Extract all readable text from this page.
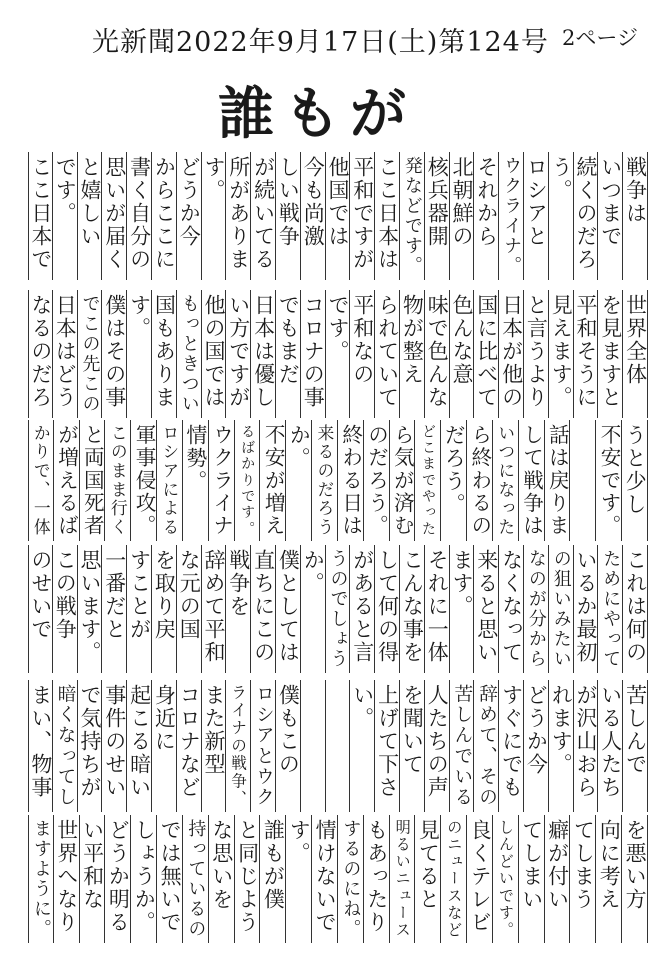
光新聞2022年9月17日(土)第124号 2ページ
誰もが
戦争は
いつまで
続くのだろ
う。
ロシアと
ウクライナ。
それから
北朝鮮の
核兵器開
発などです。
ここ日本は
平和ですが
他国では
今も尚激
しい戦争
が続いてる
所がありま
す。
どうか今
からここに
書く自分の
思いが届く
と嬉しい
です。
ここ日本で
世界全体
を見ますと
平和そうに
見えます。
と言うより
日本が他の
国に比べて
色んな意
味で色んな
物が整え
られていて
平和なの
です。
コロナの事
でもまだ
日本は優し
い方ですが
他の国では
もっときつい
国もありま
す。
僕はその事
でこの先この
日本はどう
なるのだろ
うと少し
不安です。
話は戻りま
して戦争は
いつになった
ら終わるの
だろう。
どこまでやった
ら気が済む
のだろう。
終わる日は
来るのだろう
か。
不安が増え
るばかりです。
ウクライナ
情勢。
ロシアによる
軍事侵攻。
このまま行く
と両国死者
が増えるば
かりで、一体
これは何の
ためにやって
いるか最初
の狙いみたい
なのが分から
なくなって
来ると思い
ます。
それに一体
こんな事を
して何の得
があると言
うのでしょう
か。
僕としては
直ちにこの
戦争を
辞めて平和
な元の国
を取り戻
すことが
一番だと
思います。
この戦争
のせいで
苦しんで
いる人たち
が沢山おら
れます。
どうか今
すぐにでも
辞めて、その
苦しんでいる
人たちの声
を聞いて
上げて下さ
い。
僕もこの
ロシアとウク
ライナの戦争、
また新型
コロナなど
身近に
起こる暗い
事件のせい
で気持ちが
暗くなってし
まい、物事
を悪い方
向に考え
てしまう
癖が付い
てしまい
しんどいです。
良くテレビ
のニュースなど
見てると
明るいニュース
もあったり
するのにね。
情けないで
す。
誰もが僕
と同じよう
な思いを
持っているの
では無いで
しょうか。
どうか明る
い平和な
世界へなり
ますように。
